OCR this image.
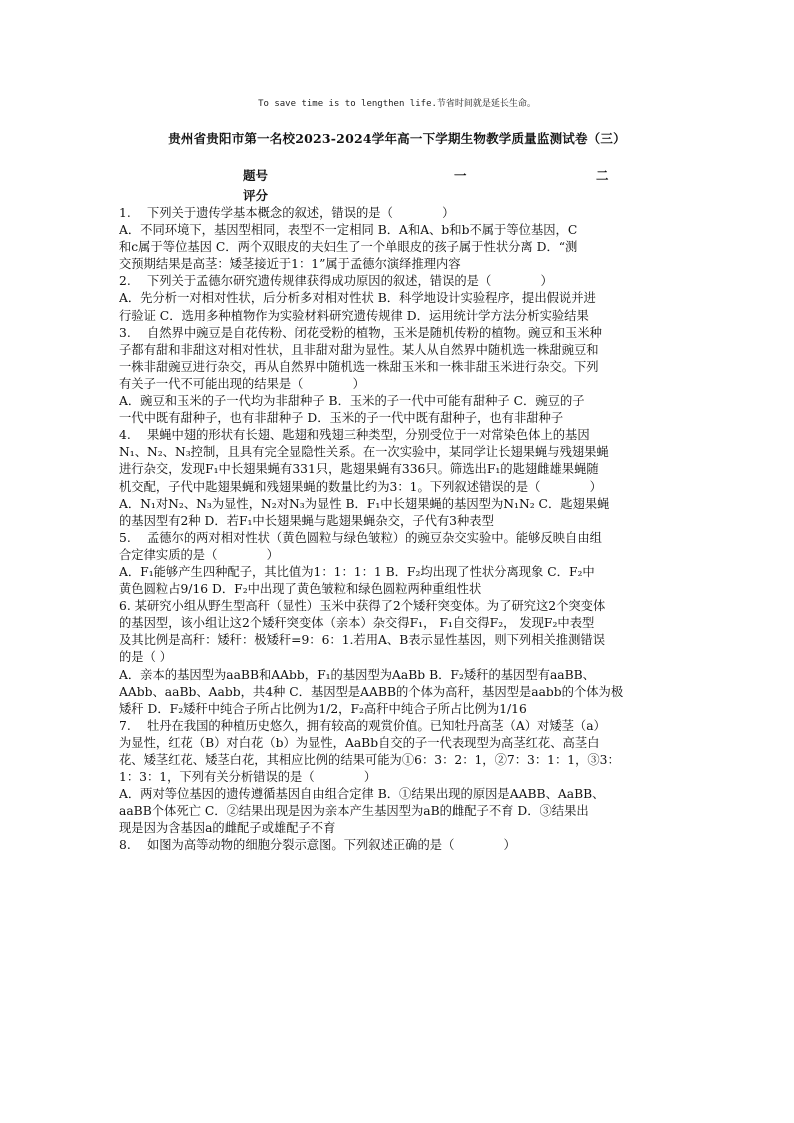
To save time is to lengthen life.节省时间就是延长生命。
贵州省贵阳市第一名校2023-2024学年高一下学期生物教学质量监测试卷（三）
题号	一	二
评分
1.　 下列关于遗传学基本概念的叙述，错误的是（　　　　）
A．不同环境下，基因型相同，表型不一定相同 B．A和A、b和b不属于等位基因，C
和c属于等位基因 C．两个双眼皮的夫妇生了一个单眼皮的孩子属于性状分离 D．“测
交预期结果是高茎：矮茎接近于1：1”属于孟德尔演绎推理内容
2.　 下列关于孟德尔研究遗传规律获得成功原因的叙述，错误的是（　　　　）
A．先分析一对相对性状，后分析多对相对性状 B．科学地设计实验程序，提出假说并进
行验证 C．选用多种植物作为实验材料研究遗传规律 D．运用统计学方法分析实验结果
3.　 自然界中豌豆是自花传粉、闭花受粉的植物，玉米是随机传粉的植物。豌豆和玉米种
子都有甜和非甜这对相对性状，且非甜对甜为显性。某人从自然界中随机选一株甜豌豆和
一株非甜豌豆进行杂交，再从自然界中随机选一株甜玉米和一株非甜玉米进行杂交。下列
有关子一代不可能出现的结果是（　　　　）
A．豌豆和玉米的子一代均为非甜种子 B．玉米的子一代中可能有甜种子 C．豌豆的子
一代中既有甜种子，也有非甜种子 D．玉米的子一代中既有甜种子，也有非甜种子
4.　 果蝇中翅的形状有长翅、匙翅和残翅三种类型，分别受位于一对常染色体上的基因
N₁、N₂、N₃控制，且具有完全显隐性关系。在一次实验中，某同学让长翅果蝇与残翅果蝇
进行杂交，发现F₁中长翅果蝇有331只，匙翅果蝇有336只。筛选出F₁的匙翅雌雄果蝇随
机交配，子代中匙翅果蝇和残翅果蝇的数量比约为3：1。下列叙述错误的是（　　　　）
A．N₁对N₂、N₃为显性，N₂对N₃为显性 B．F₁中长翅果蝇的基因型为N₁N₂ C．匙翅果蝇
的基因型有2种 D．若F₁中长翅果蝇与匙翅果蝇杂交，子代有3种表型
5.　 孟德尔的两对相对性状（黄色圆粒与绿色皱粒）的豌豆杂交实验中。能够反映自由组
合定律实质的是（　　　　）
A．F₁能够产生四种配子，其比值为1：1：1：1 B．F₂均出现了性状分离现象 C．F₂中
黄色圆粒占9/16 D．F₂中出现了黄色皱粒和绿色圆粒两种重组性状
6. 某研究小组从野生型高秆（显性）玉米中获得了2个矮秆突变体。为了研究这2个突变体
的基因型，该小组让这2个矮秆突变体（亲本）杂交得F₁， F₁自交得F₂， 发现F₂中表型
及其比例是高秆：矮秆：极矮秆=9：6：1.若用A、B表示显性基因，则下列相关推测错误
的是（ ）
A．亲本的基因型为aaBB和AAbb，F₁的基因型为AaBb B．F₂矮秆的基因型有aaBB、
AAbb、aaBb、Aabb，共4种 C．基因型是AABB的个体为高秆，基因型是aabb的个体为极
矮秆 D．F₂矮秆中纯合子所占比例为1/2，F₂高秆中纯合子所占比例为1/16
7.　 牡丹在我国的种植历史悠久，拥有较高的观赏价值。已知牡丹高茎（A）对矮茎（a）
为显性，红花（B）对白花（b）为显性，AaBb自交的子一代表现型为高茎红花、高茎白
花、矮茎红花、矮茎白花，其相应比例的结果可能为①6：3：2：1，②7：3：1：1，③3：
1：3：1，下列有关分析错误的是（　　　　）
A．两对等位基因的遗传遵循基因自由组合定律 B．①结果出现的原因是AABB、AaBB、
aaBB个体死亡 C．②结果出现是因为亲本产生基因型为aB的雌配子不育 D．③结果出
现是因为含基因a的雌配子或雄配子不育
8.　 如图为高等动物的细胞分裂示意图。下列叙述正确的是（　　　　）
